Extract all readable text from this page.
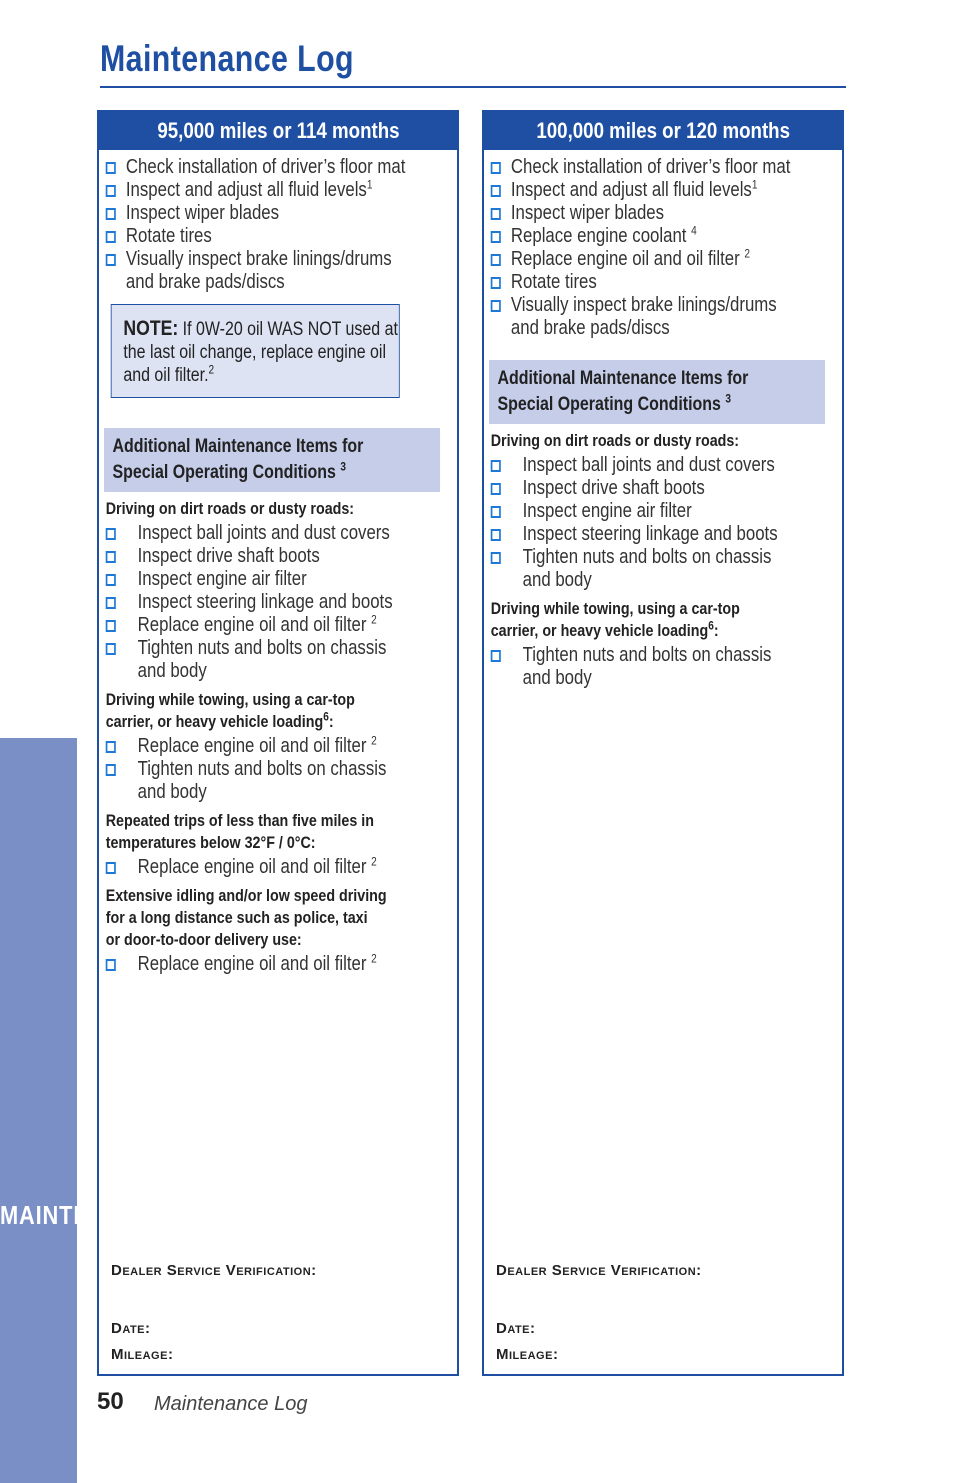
Maintenance Log
MAINTENANCE
95,000 miles or 114 months
Check installation of driver’s floor mat
Inspect and adjust all fluid levels$^1$
Inspect wiper blades
Rotate tires
Visually inspect brake linings/drums
and brake pads/discs
NOTE: If 0W-20 oil WAS NOT used at
the last oil change, replace engine oil
and oil filter.$^2$
Additional Maintenance Items for
Special Operating Conditions $^3$
Driving on dirt roads or dusty roads:
Inspect ball joints and dust covers
Inspect drive shaft boots
Inspect engine air filter
Inspect steering linkage and boots
Replace engine oil and oil filter $^2$
Tighten nuts and bolts on chassis
and body
Driving while towing, using a car-top
carrier, or heavy vehicle loading$^6$:
Replace engine oil and oil filter $^2$
Tighten nuts and bolts on chassis
and body
Repeated trips of less than five miles in
temperatures below 32°F / 0°C:
Replace engine oil and oil filter $^2$
Extensive idling and/or low speed driving
for a long distance such as police, taxi
or door-to-door delivery use:
Replace engine oil and oil filter $^2$
Dealer Service Verification:
Date:
Mileage:
100,000 miles or 120 months
Check installation of driver’s floor mat
Inspect and adjust all fluid levels$^1$
Inspect wiper blades
Replace engine coolant $^4$
Replace engine oil and oil filter $^2$
Rotate tires
Visually inspect brake linings/drums
and brake pads/discs
Additional Maintenance Items for
Special Operating Conditions $^3$
Driving on dirt roads or dusty roads:
Inspect ball joints and dust covers
Inspect drive shaft boots
Inspect engine air filter
Inspect steering linkage and boots
Tighten nuts and bolts on chassis
and body
Driving while towing, using a car-top
carrier, or heavy vehicle loading$^6$:
Tighten nuts and bolts on chassis
and body
Dealer Service Verification:
Date:
Mileage:
50 Maintenance Log
